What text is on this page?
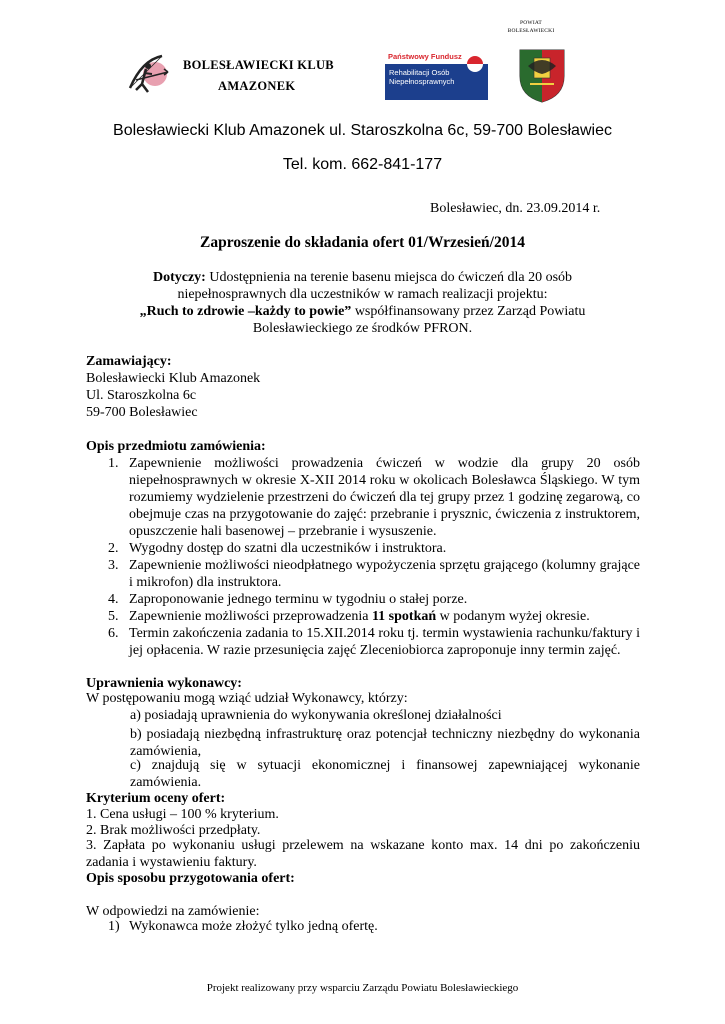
POWIAT
BOLESŁAWIECKI
BOLESŁAWIECKI KLUB
AMAZONEK
Państwowy Fundusz
Rehabilitacji Osób
Niepełnosprawnych
Bolesławiecki Klub Amazonek ul. Staroszkolna 6c, 59-700 Bolesławiec
Tel. kom. 662-841-177
Bolesławiec, dn. 23.09.2014 r.
Zaproszenie do składania ofert 01/Wrzesień/2014
Dotyczy: Udostępnienia na terenie basenu miejsca do ćwiczeń dla 20 osób
niepełnosprawnych dla uczestników w ramach realizacji projektu:
„Ruch to zdrowie –każdy to powie” współfinansowany przez Zarząd Powiatu
Bolesławieckiego ze środków PFRON.
Zamawiający:
Bolesławiecki Klub Amazonek
Ul. Staroszkolna 6c
59-700 Bolesławiec
Opis przedmiotu zamówienia:
1. Zapewnienie możliwości prowadzenia ćwiczeń w wodzie dla grupy 20 osób niepełnosprawnych w okresie X-XII 2014 roku w okolicach Bolesławca Śląskiego. W tym rozumiemy wydzielenie przestrzeni do ćwiczeń dla tej grupy przez 1 godzinę zegarową, co obejmuje czas na przygotowanie do zajęć: przebranie i prysznic, ćwiczenia z instruktorem, opuszczenie hali basenowej – przebranie i wysuszenie.
2. Wygodny dostęp do szatni dla uczestników i instruktora.
3. Zapewnienie możliwości nieodpłatnego wypożyczenia sprzętu grającego (kolumny grające i mikrofon) dla instruktora.
4. Zaproponowanie jednego terminu w tygodniu o stałej porze.
5. Zapewnienie możliwości przeprowadzenia 11 spotkań w podanym wyżej okresie.
6. Termin zakończenia zadania to 15.XII.2014 roku tj. termin wystawienia rachunku/faktury i jej opłacenia. W razie przesunięcia zajęć Zleceniobiorca zaproponuje inny termin zajęć.
Uprawnienia wykonawcy:
W postępowaniu mogą wziąć udział Wykonawcy, którzy:
a) posiadają uprawnienia do wykonywania określonej działalności
b) posiadają niezbędną infrastrukturę oraz potencjał techniczny niezbędny do wykonania zamówienia,
c) znajdują się w sytuacji ekonomicznej i finansowej zapewniającej wykonanie zamówienia.
Kryterium oceny ofert:
1. Cena usługi – 100 % kryterium.
2. Brak możliwości przedpłaty.
3. Zapłata po wykonaniu usługi przelewem na wskazane konto max. 14 dni po zakończeniu zadania i wystawieniu faktury.
Opis sposobu przygotowania ofert:
W odpowiedzi na zamówienie:
1) Wykonawca może złożyć tylko jedną ofertę.
Projekt realizowany przy wsparciu Zarządu Powiatu Bolesławieckiego
